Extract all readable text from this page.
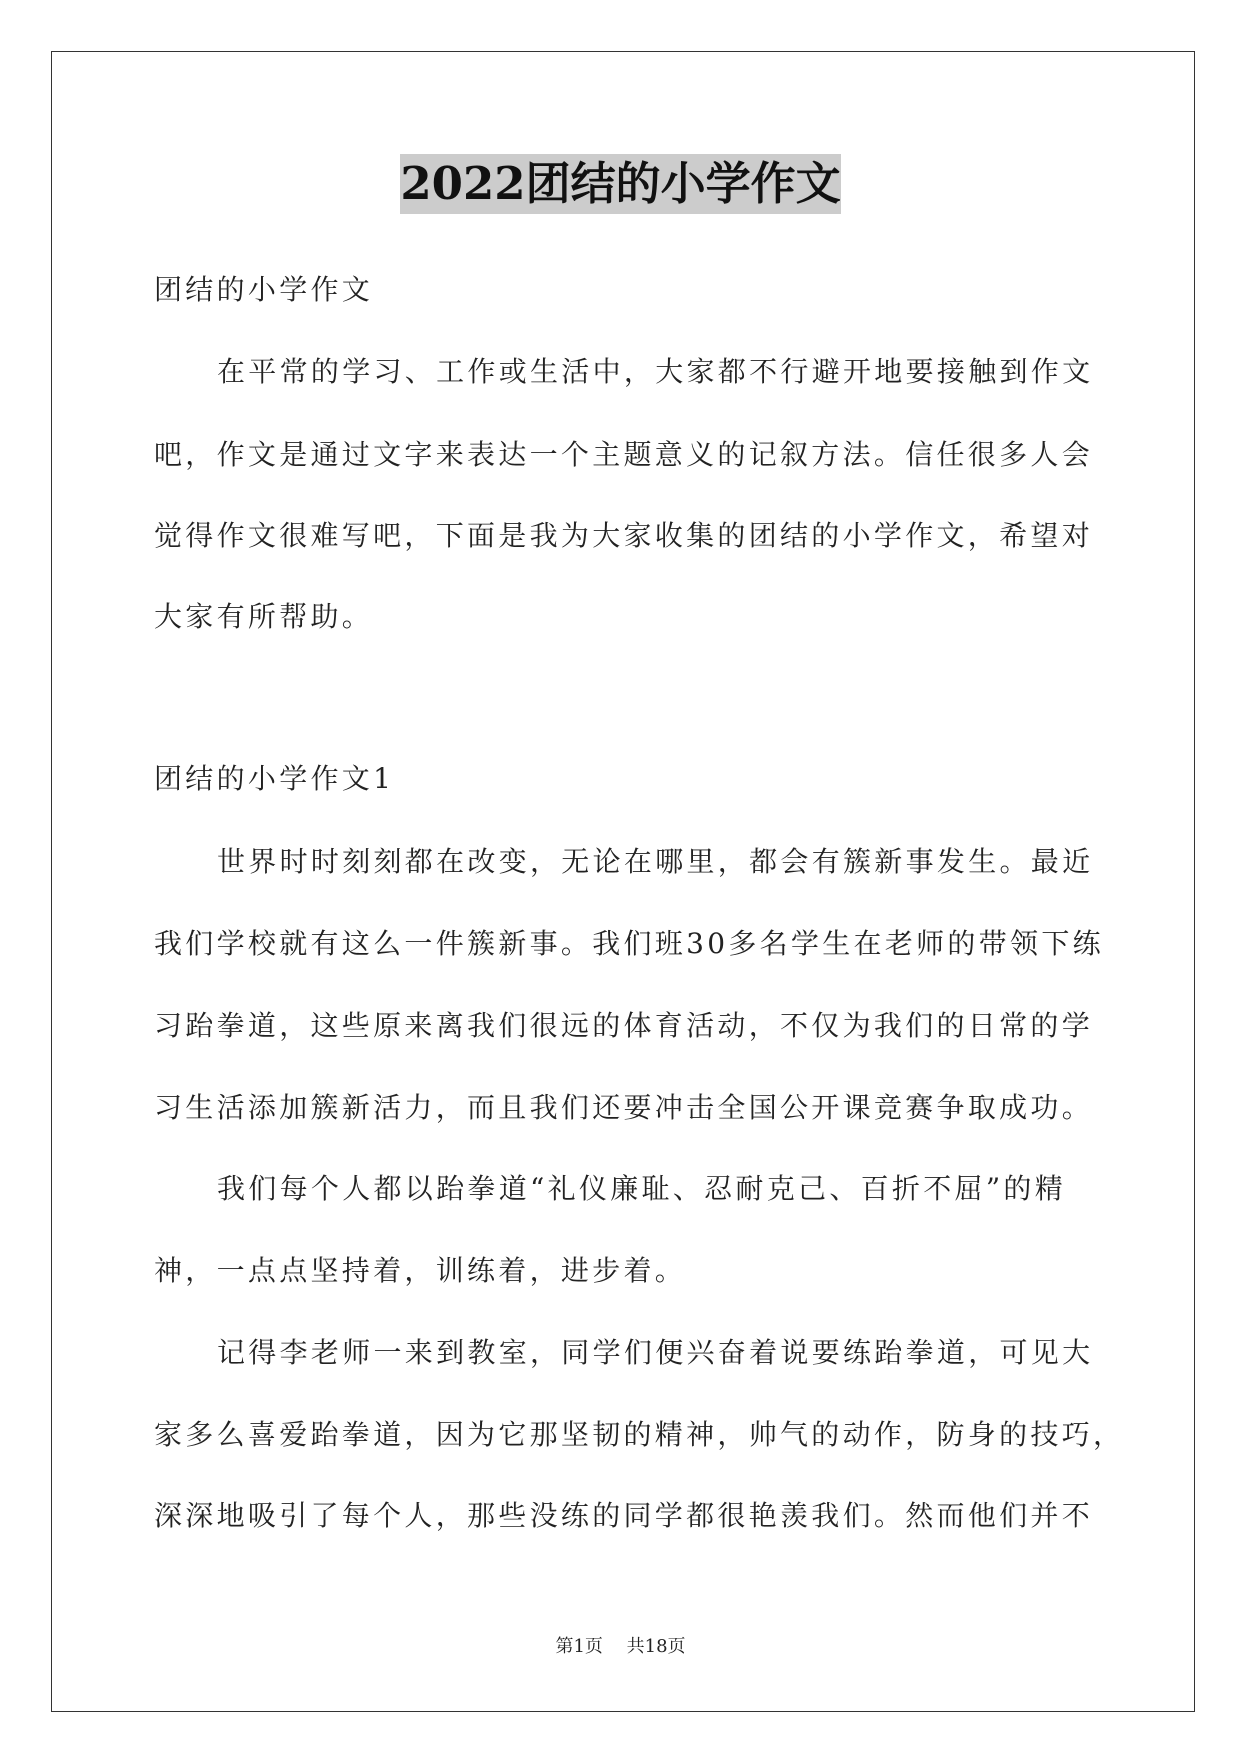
2022团结的小学作文
团结的小学作文
在平常的学习、工作或生活中，大家都不行避开地要接触到作文
吧，作文是通过文字来表达一个主题意义的记叙方法。信任很多人会
觉得作文很难写吧，下面是我为大家收集的团结的小学作文，希望对
大家有所帮助。
团结的小学作文1
世界时时刻刻都在改变，无论在哪里，都会有簇新事发生。最近
我们学校就有这么一件簇新事。我们班30多名学生在老师的带领下练
习跆拳道，这些原来离我们很远的体育活动，不仅为我们的日常的学
习生活添加簇新活力，而且我们还要冲击全国公开课竞赛争取成功。
我们每个人都以跆拳道“礼仪廉耻、忍耐克己、百折不屈”的精
神，一点点坚持着，训练着，进步着。
记得李老师一来到教室，同学们便兴奋着说要练跆拳道，可见大
家多么喜爱跆拳道，因为它那坚韧的精神，帅气的动作，防身的技巧，
深深地吸引了每个人，那些没练的同学都很艳羡我们。然而他们并不
第1页 共18页
